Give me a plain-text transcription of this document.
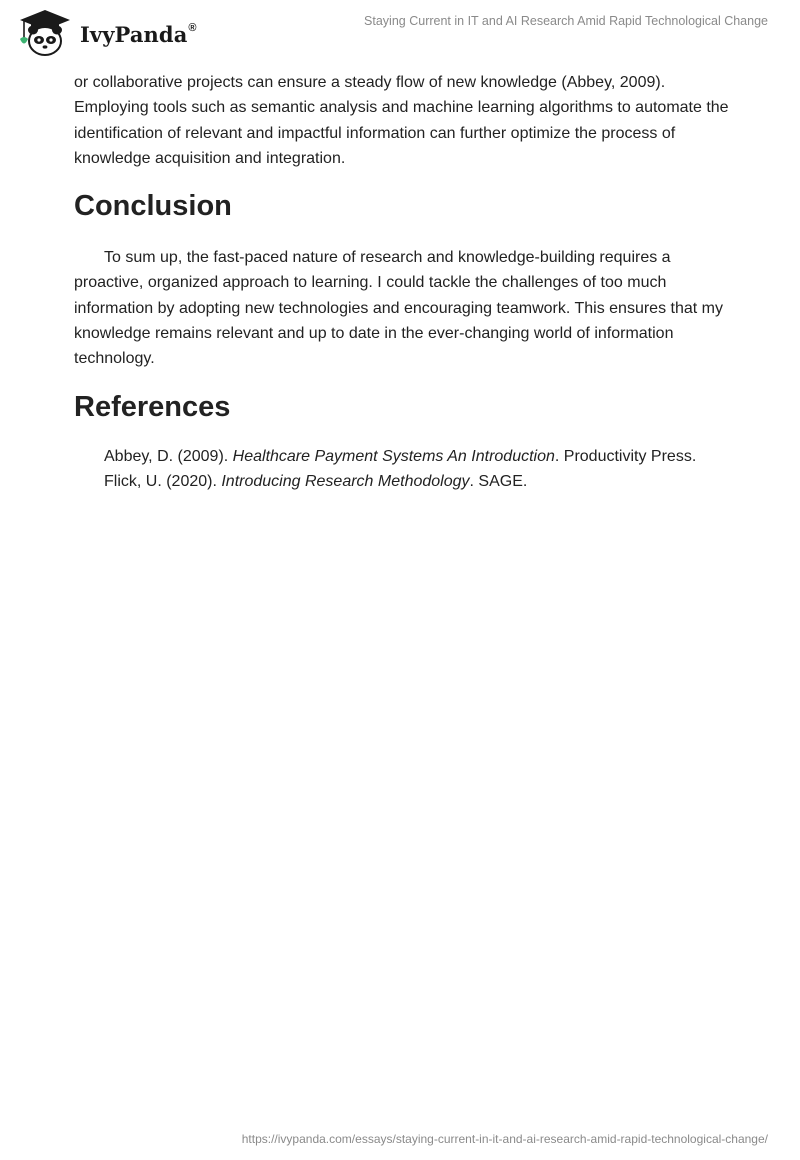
IvyPanda®	Staying Current in IT and AI Research Amid Rapid Technological Change

or collaborative projects can ensure a steady flow of new knowledge (Abbey, 2009). Employing tools such as semantic analysis and machine learning algorithms to automate the identification of relevant and impactful information can further optimize the process of knowledge acquisition and integration.

Conclusion

To sum up, the fast-paced nature of research and knowledge-building requires a proactive, organized approach to learning. I could tackle the challenges of too much information by adopting new technologies and encouraging teamwork. This ensures that my knowledge remains relevant and up to date in the ever-changing world of information technology.

References

Abbey, D. (2009). Healthcare Payment Systems An Introduction. Productivity Press.

Flick, U. (2020). Introducing Research Methodology. SAGE.

https://ivypanda.com/essays/staying-current-in-it-and-ai-research-amid-rapid-technological-change/
